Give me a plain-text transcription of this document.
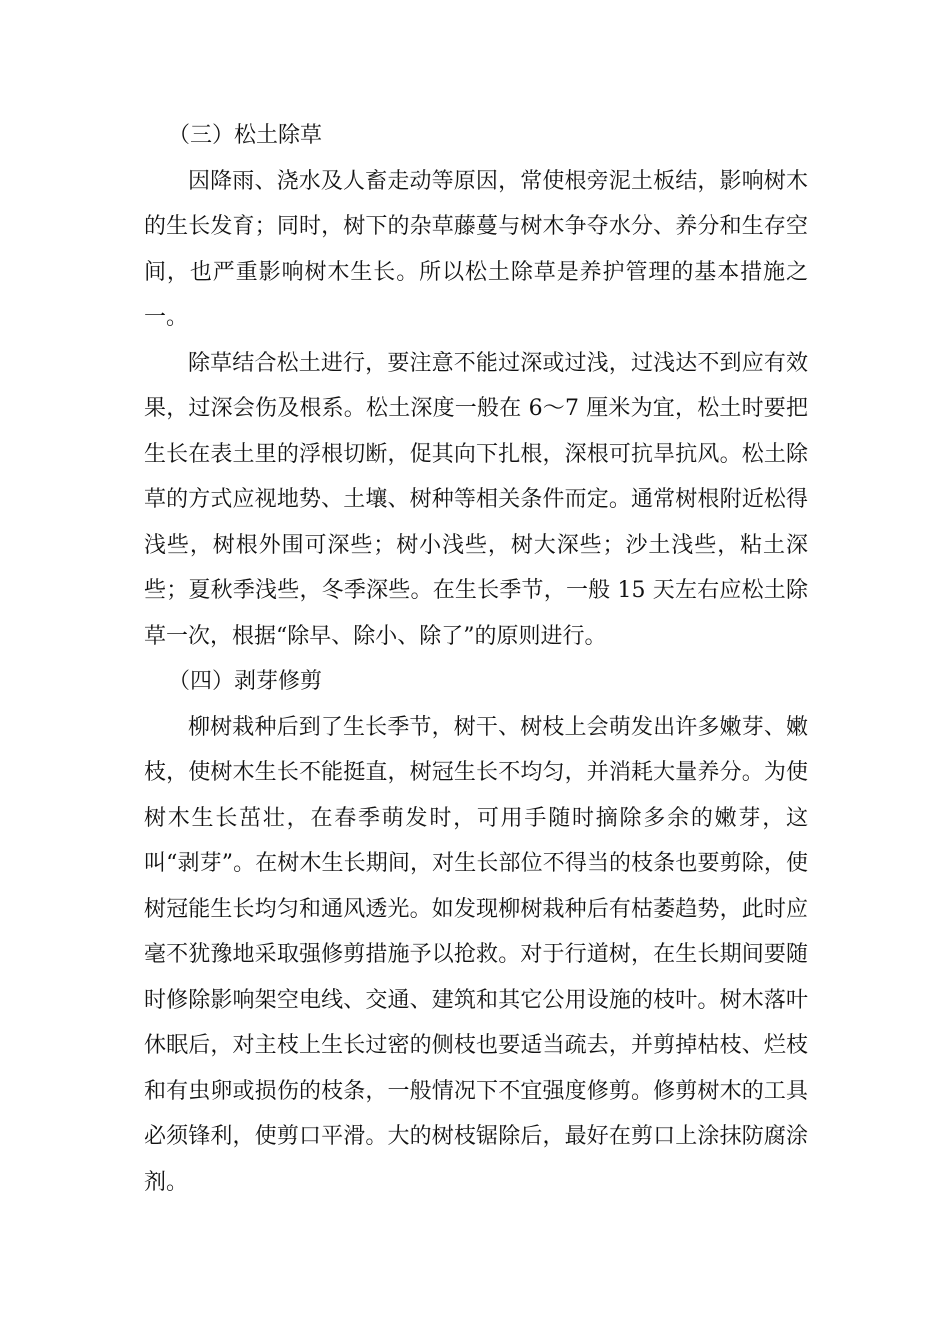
（三）松土除草

因降雨、浇水及人畜走动等原因，常使根旁泥土板结，影响树木的生长发育；同时，树下的杂草藤蔓与树木争夺水分、养分和生存空间，也严重影响树木生长。所以松土除草是养护管理的基本措施之一。

除草结合松土进行，要注意不能过深或过浅，过浅达不到应有效果，过深会伤及根系。松土深度一般在 6～7 厘米为宜，松土时要把生长在表土里的浮根切断，促其向下扎根，深根可抗旱抗风。松土除草的方式应视地势、土壤、树种等相关条件而定。通常树根附近松得浅些，树根外围可深些；树小浅些，树大深些；沙土浅些，粘土深些；夏秋季浅些，冬季深些。在生长季节，一般 15 天左右应松土除草一次，根据“除早、除小、除了”的原则进行。

（四）剥芽修剪

柳树栽种后到了生长季节，树干、树枝上会萌发出许多嫩芽、嫩枝，使树木生长不能挺直，树冠生长不均匀，并消耗大量养分。为使树木生长茁壮，在春季萌发时，可用手随时摘除多余的嫩芽，这叫“剥芽”。在树木生长期间，对生长部位不得当的枝条也要剪除，使树冠能生长均匀和通风透光。如发现柳树栽种后有枯萎趋势，此时应毫不犹豫地采取强修剪措施予以抢救。对于行道树，在生长期间要随时修除影响架空电线、交通、建筑和其它公用设施的枝叶。树木落叶休眠后，对主枝上生长过密的侧枝也要适当疏去，并剪掉枯枝、烂枝和有虫卵或损伤的枝条，一般情况下不宜强度修剪。修剪树木的工具必须锋利，使剪口平滑。大的树枝锯除后，最好在剪口上涂抹防腐涂剂。
